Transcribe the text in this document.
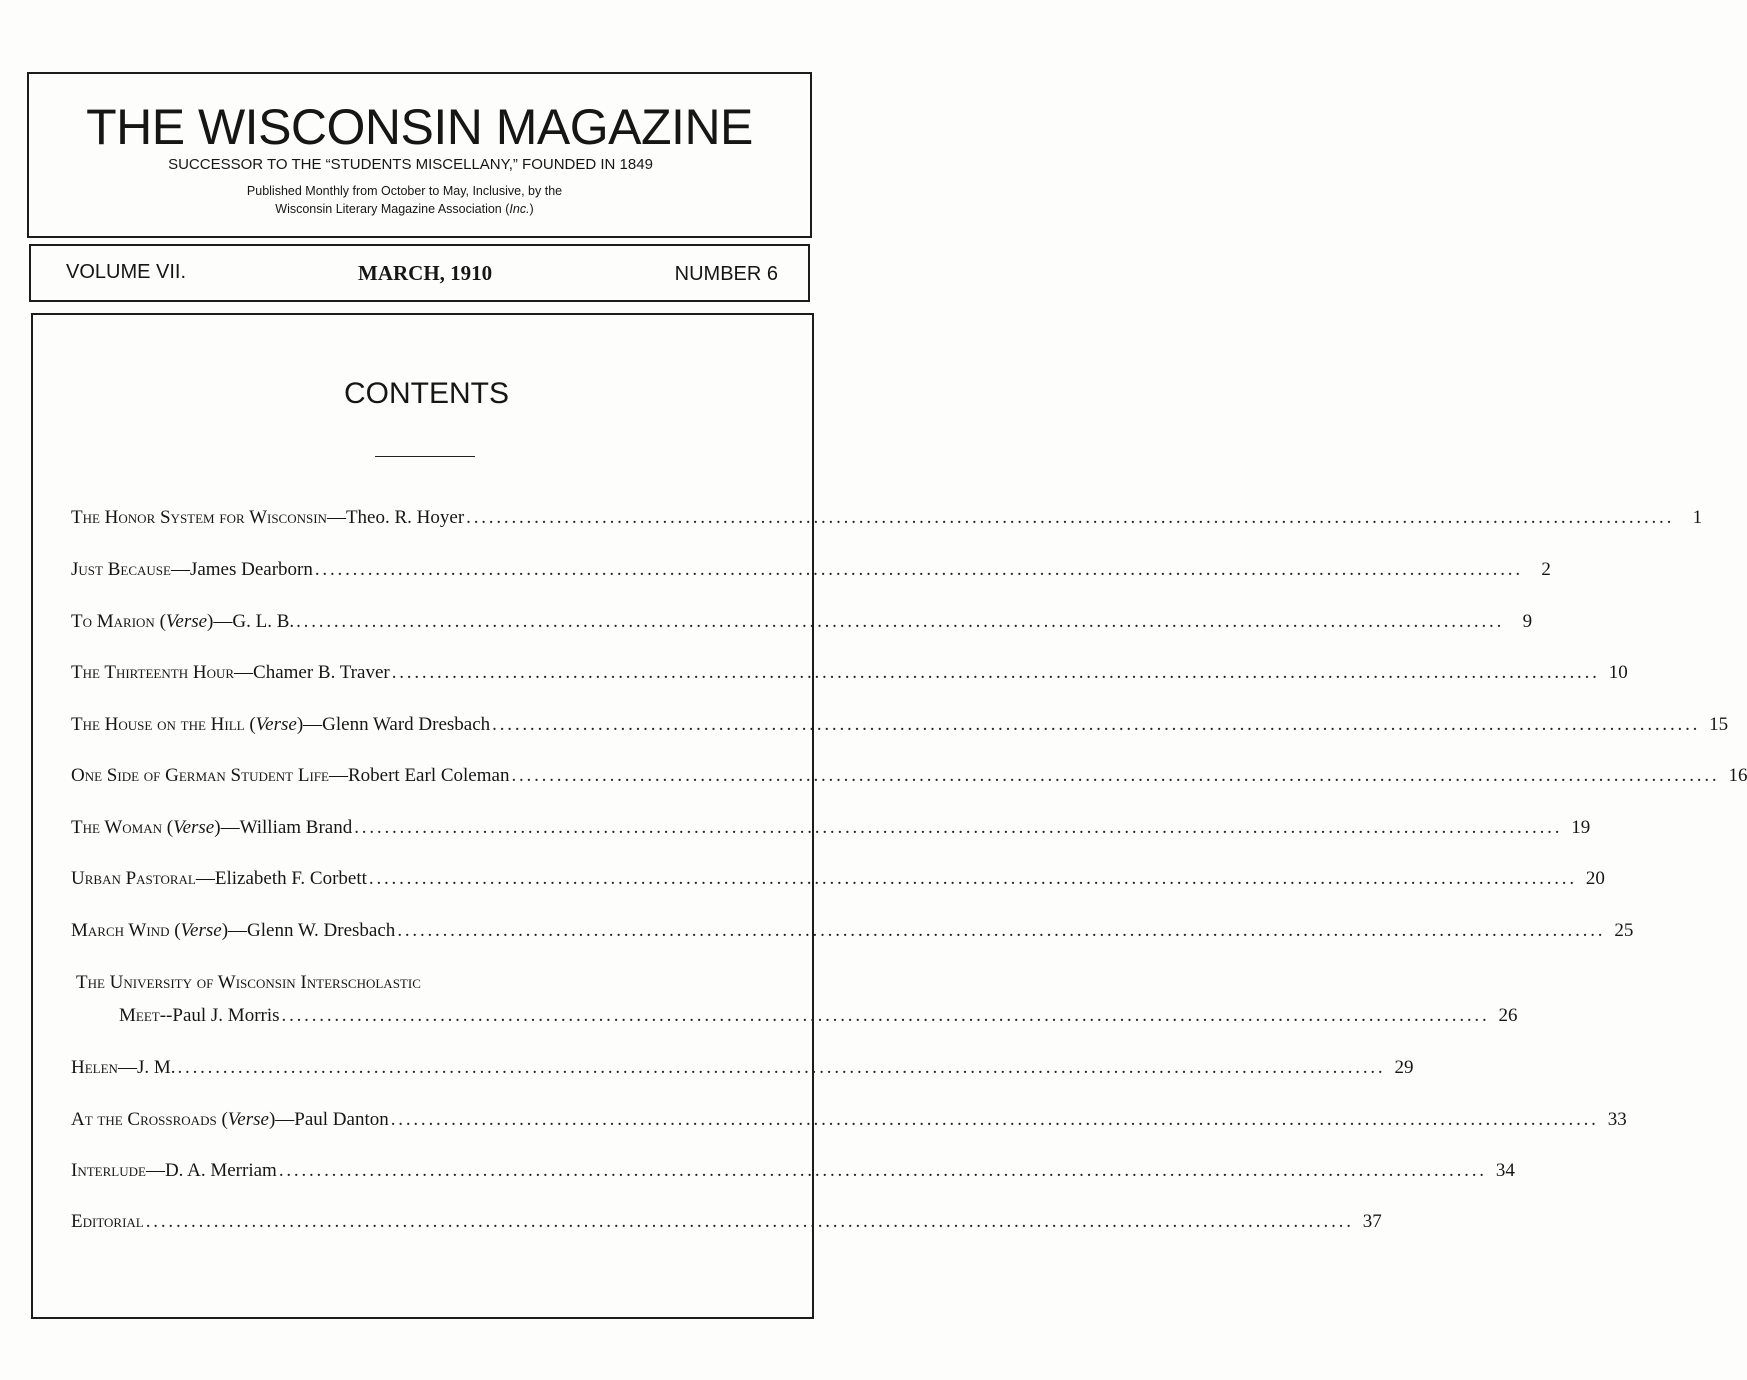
THE WISCONSIN MAGAZINE
SUCCESSOR TO THE “STUDENTS MISCELLANY,” FOUNDED IN 1849
Published Monthly from October to May, Inclusive, by the
Wisconsin Literary Magazine Association (Inc.)
VOLUME VII.	MARCH, 1910	NUMBER 6
CONTENTS
The Honor System for Wisconsin—Theo. R. Hoyer ................................................................................................................................................................ 1
Just Because—James Dearborn ................................................................................................................................................................ 2
To Marion (Verse)—G. L. B. ................................................................................................................................................................ 9
The Thirteenth Hour—Chamer B. Traver ................................................................................................................................................................ 10
The House on the Hill (Verse)—Glenn Ward Dresbach ................................................................................................................................................................ 15
One Side of German Student Life—Robert Earl Coleman ................................................................................................................................................................ 16
The Woman (Verse)—William Brand ................................................................................................................................................................ 19
Urban Pastoral—Elizabeth F. Corbett ................................................................................................................................................................ 20
March Wind (Verse)—Glenn W. Dresbach ................................................................................................................................................................ 25
The University of Wisconsin Interscholastic
Meet--Paul J. Morris ................................................................................................................................................................ 26
Helen—J. M. ................................................................................................................................................................ 29
At the Crossroads (Verse)—Paul Danton ................................................................................................................................................................ 33
Interlude—D. A. Merriam ................................................................................................................................................................ 34
Editorial ................................................................................................................................................................ 37
